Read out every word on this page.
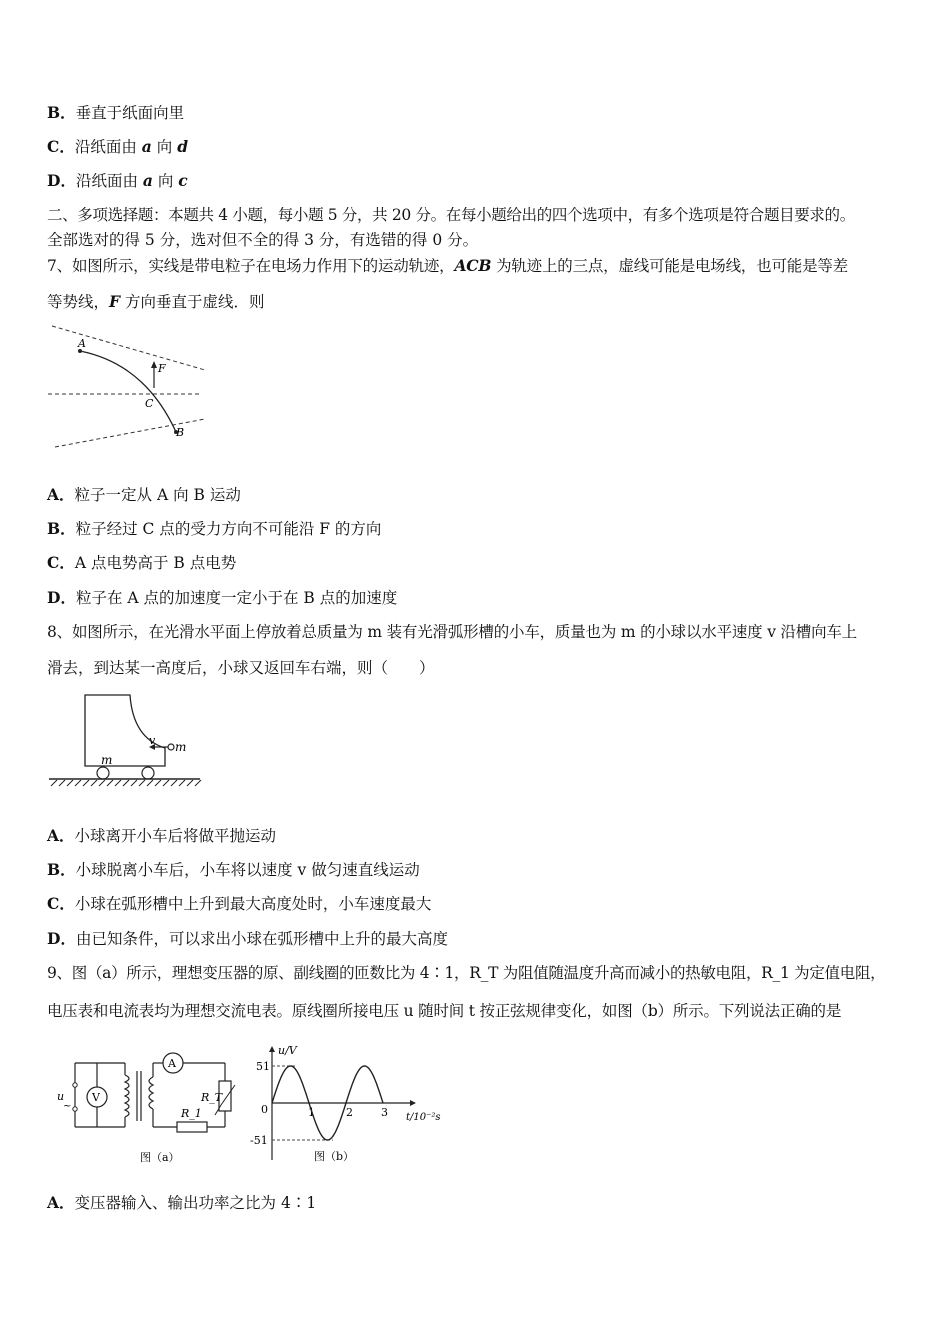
B．垂直于纸面向里
C．沿纸面由 a 向 d
D．沿纸面由 a 向 c
二、多项选择题：本题共 4 小题，每小题 5 分，共 20 分。在每小题给出的四个选项中，有多个选项是符合题目要求的。
全部选对的得 5 分，选对但不全的得 3 分，有选错的得 0 分。
7、如图所示，实线是带电粒子在电场力作用下的运动轨迹，ACB 为轨迹上的三点，虚线可能是电场线，也可能是等差
等势线，F 方向垂直于虚线．则
A
F
C
B
A．粒子一定从 A 向 B 运动
B．粒子经过 C 点的受力方向不可能沿 F 的方向
C．A 点电势高于 B 点电势
D．粒子在 A 点的加速度一定小于在 B 点的加速度
8、如图所示，在光滑水平面上停放着总质量为 m 装有光滑弧形槽的小车，质量也为 m 的小球以水平速度 v 沿槽向车上
滑去，到达某一高度后，小球又返回车右端，则（　　）
v m
m
A．小球离开小车后将做平抛运动
B．小球脱离小车后，小车将以速度 v 做匀速直线运动
C．小球在弧形槽中上升到最大高度处时，小车速度最大
D．由已知条件，可以求出小球在弧形槽中上升的最大高度
9、图（a）所示，理想变压器的原、副线圈的匝数比为 4∶1，R_T 为阻值随温度升高而减小的热敏电阻，R_1 为定值电阻，
电压表和电流表均为理想交流电表。原线圈所接电压 u 随时间 t 按正弦规律变化，如图（b）所示。下列说法正确的是
u
~
V
A
R_T
R_1
图（a）
u/V
t/10⁻²s
51
-51
0	1	2	3
图（b）
A．变压器输入、输出功率之比为 4∶1
